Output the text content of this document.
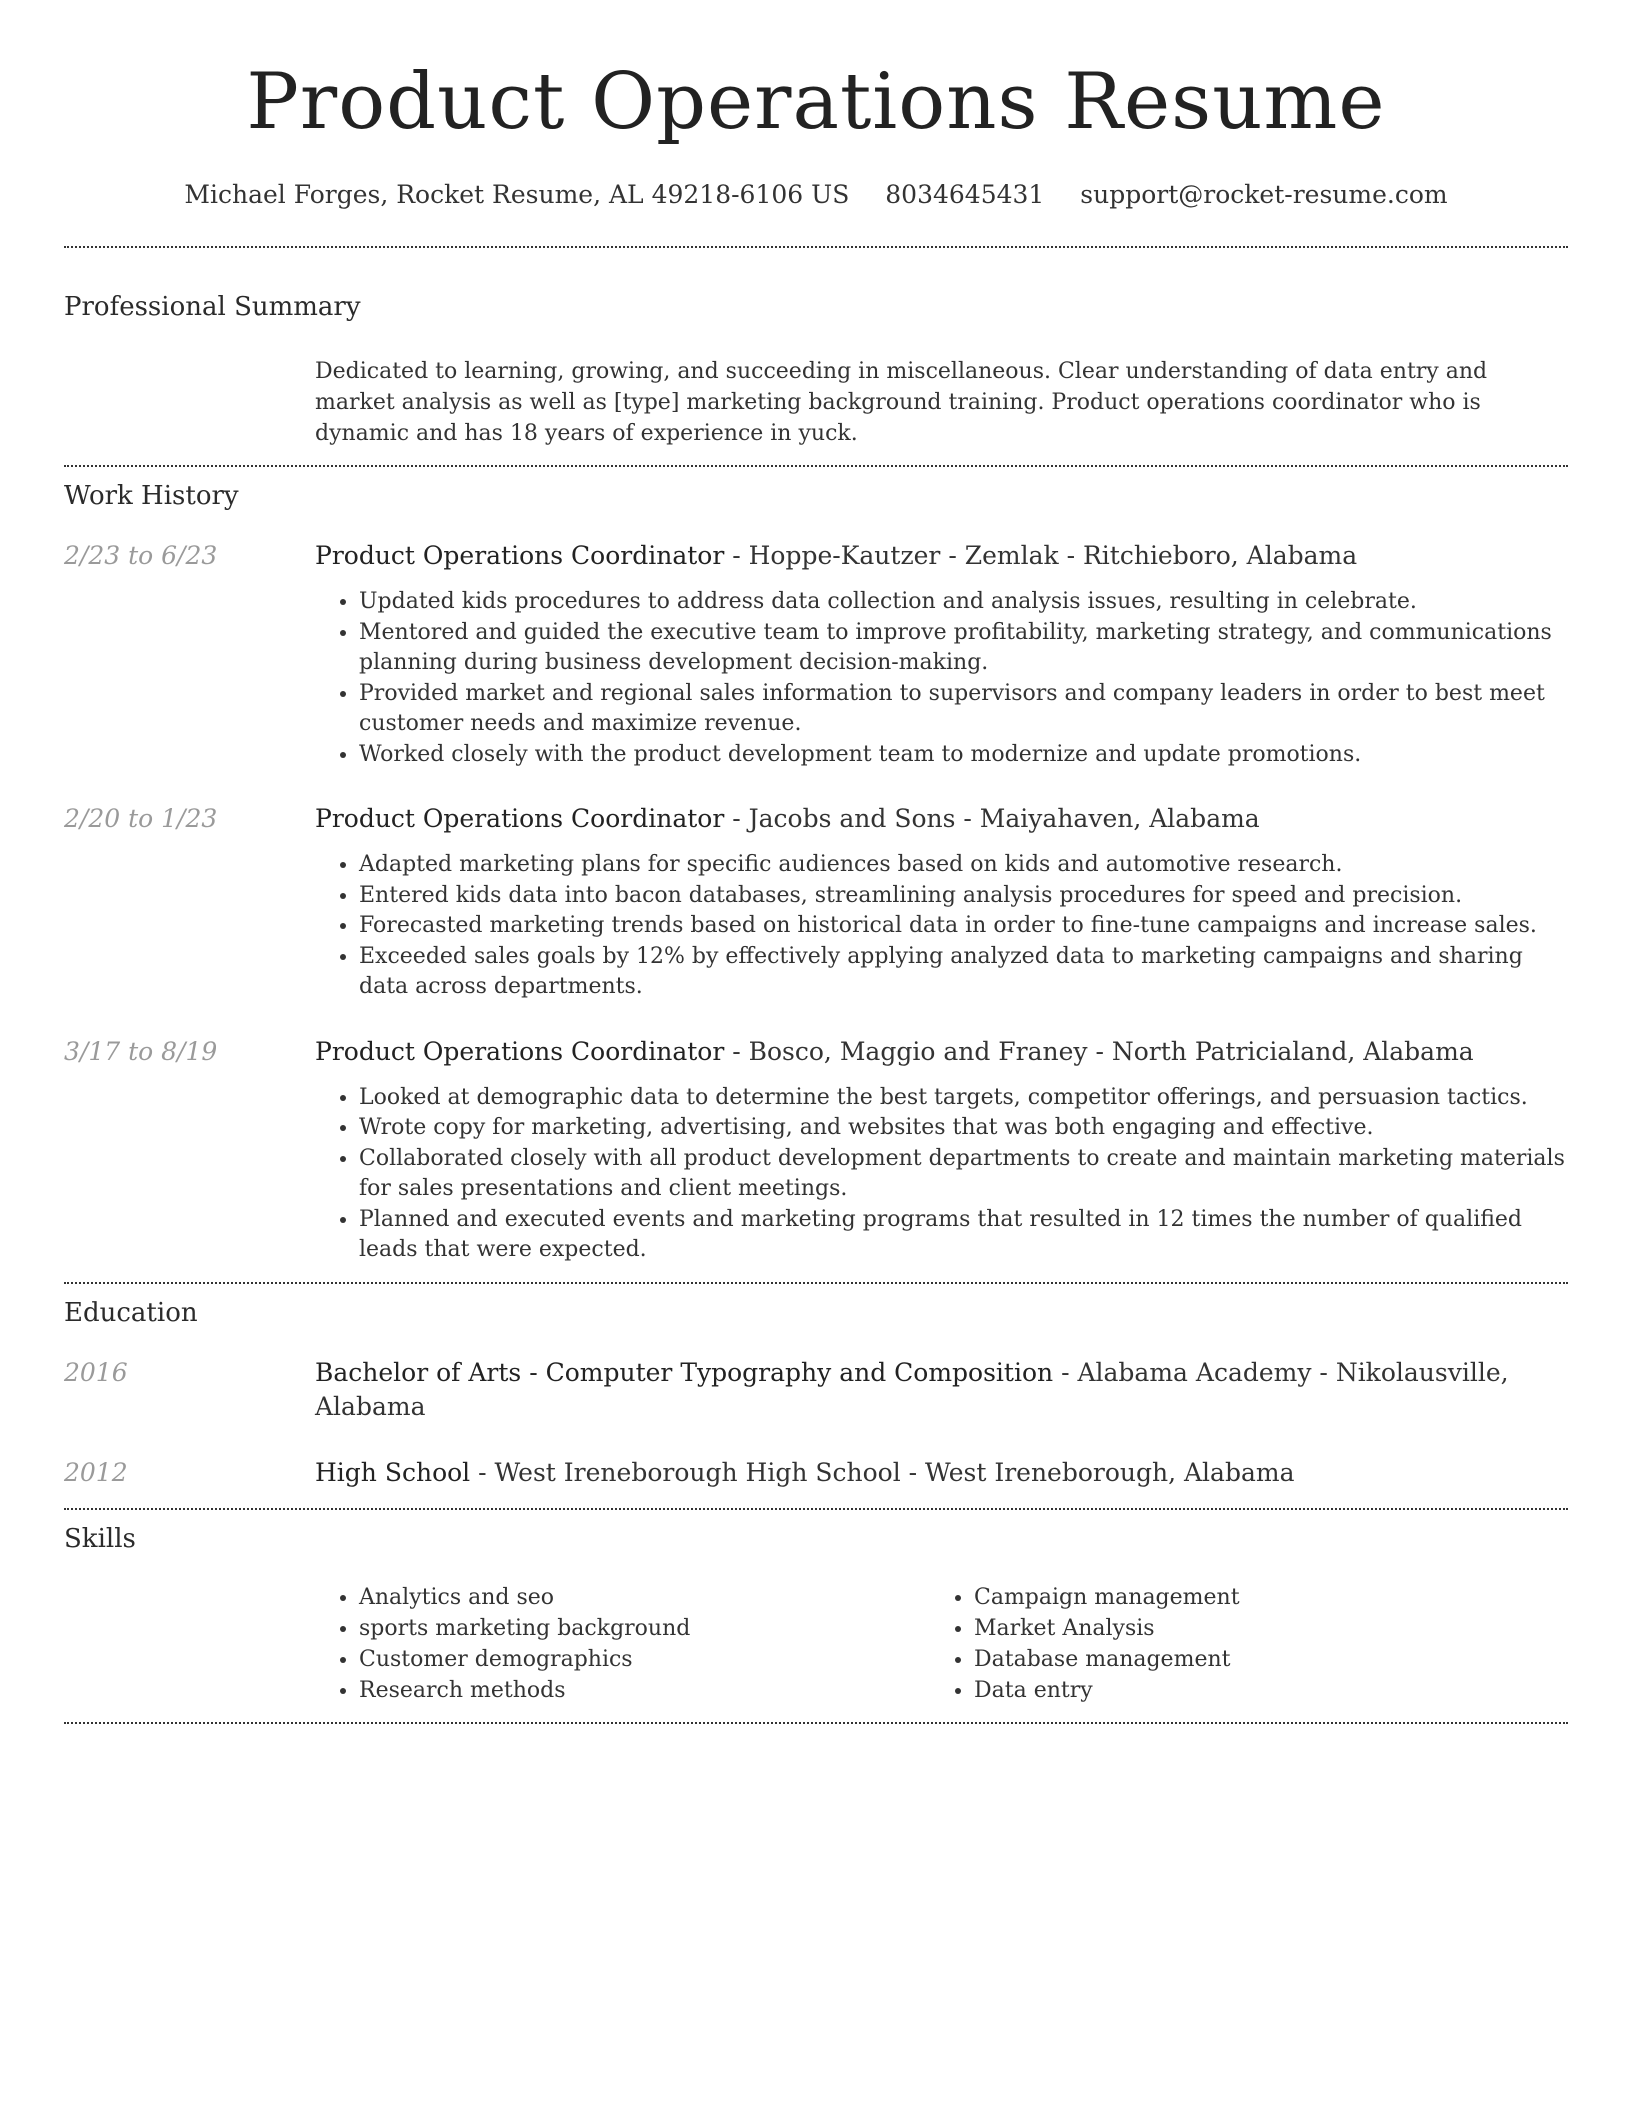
Product Operations Resume
Michael Forges, Rocket Resume, AL 49218-6106 US 8034645431 support@rocket-resume.com
Professional Summary
Dedicated to learning, growing, and succeeding in miscellaneous. Clear understanding of data entry and market analysis as well as [type] marketing background training. Product operations coordinator who is dynamic and has 18 years of experience in yuck.
Work History
2/23 to 6/23	Product Operations Coordinator - Hoppe-Kautzer - Zemlak - Ritchieboro, Alabama
• Updated kids procedures to address data collection and analysis issues, resulting in celebrate.
• Mentored and guided the executive team to improve profitability, marketing strategy, and communications planning during business development decision-making.
• Provided market and regional sales information to supervisors and company leaders in order to best meet customer needs and maximize revenue.
• Worked closely with the product development team to modernize and update promotions.
2/20 to 1/23	Product Operations Coordinator - Jacobs and Sons - Maiyahaven, Alabama
• Adapted marketing plans for specific audiences based on kids and automotive research.
• Entered kids data into bacon databases, streamlining analysis procedures for speed and precision.
• Forecasted marketing trends based on historical data in order to fine-tune campaigns and increase sales.
• Exceeded sales goals by 12% by effectively applying analyzed data to marketing campaigns and sharing data across departments.
3/17 to 8/19	Product Operations Coordinator - Bosco, Maggio and Franey - North Patricialand, Alabama
• Looked at demographic data to determine the best targets, competitor offerings, and persuasion tactics.
• Wrote copy for marketing, advertising, and websites that was both engaging and effective.
• Collaborated closely with all product development departments to create and maintain marketing materials for sales presentations and client meetings.
• Planned and executed events and marketing programs that resulted in 12 times the number of qualified leads that were expected.
Education
2016	Bachelor of Arts - Computer Typography and Composition - Alabama Academy - Nikolausville, Alabama
2012	High School - West Ireneborough High School - West Ireneborough, Alabama
Skills
• Analytics and seo
• sports marketing background
• Customer demographics
• Research methods
• Campaign management
• Market Analysis
• Database management
• Data entry
